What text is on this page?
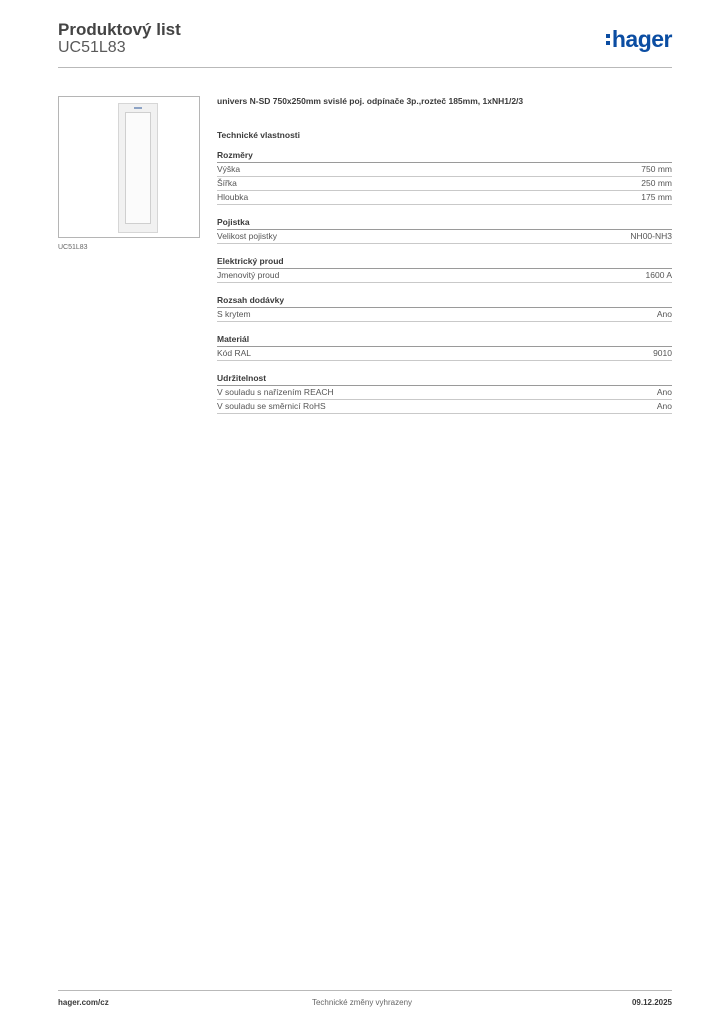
Produktový list
UC51L83	hager
UC51L83
univers N-SD 750x250mm svislé poj. odpínače 3p.,rozteč 185mm, 1xNH1/2/3
Technické vlastnosti
Rozměry
Výška	750 mm
Šířka	250 mm
Hloubka	175 mm
Pojistka
Velikost pojistky	NH00-NH3
Elektrický proud
Jmenovitý proud	1600 A
Rozsah dodávky
S krytem	Ano
Materiál
Kód RAL	9010
Udržitelnost
V souladu s nařízením REACH	Ano
V souladu se směrnicí RoHS	Ano
hager.com/cz	Technické změny vyhrazeny	09.12.2025
